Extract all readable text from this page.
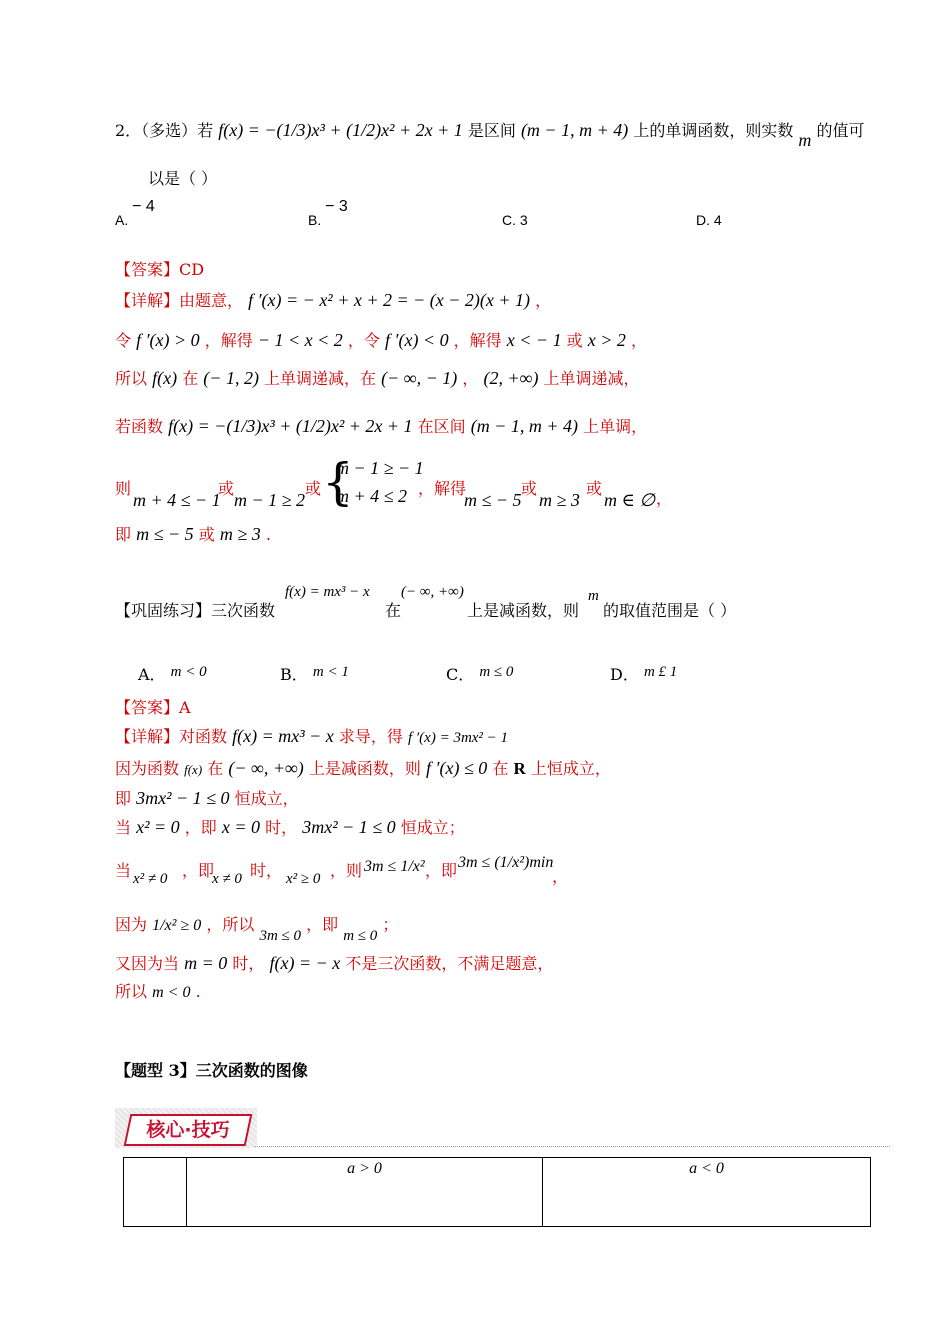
2．（多选）若 f(x) = −(1/3)x³ + (1/2)x² + 2x + 1 是区间 (m − 1, m + 4) 上的单调函数，则实数 m 的值可
以是（ ）
A. − 4
B. − 3
C. 3	D. 4
【答案】CD
【详解】由题意， f ′(x) = − x² + x + 2 = − (x − 2)(x + 1) ，
令 f ′(x) > 0 ，解得 − 1 < x < 2 ，令 f ′(x) < 0 ，解得 x < − 1 或 x > 2 ，
所以 f(x) 在 (− 1, 2) 上单调递减，在 (− ∞, − 1) ， (2, +∞) 上单调递减，
若函数 f(x) = −(1/3)x³ + (1/2)x² + 2x + 1 在区间 (m − 1, m + 4) 上单调，
则
m + 4 ≤ − 1
或
m − 1 ≥ 2
或 {
m − 1 ≥ − 1
m + 4 ≤ 2 ，解得
m ≤ − 5
或
m ≥ 3
或
m ∈ ∅ ，
即 m ≤ − 5 或 m ≥ 3 .
【巩固练习】三次函数
f(x) = mx³ − x
在
(− ∞, +∞)
上是减函数，则
m
的取值范围是（ ）
A． m < 0	B． m < 1	C． m ≤ 0	D． m £ 1
【答案】A
【详解】对函数 f(x) = mx³ − x 求导，得 f ′(x) = 3mx² − 1
因为函数 f(x) 在 (− ∞, +∞) 上是减函数，则 f ′(x) ≤ 0 在 R 上恒成立，
即 3mx² − 1 ≤ 0 恒成立，
当 x² = 0 ，即 x = 0 时， 3mx² − 1 ≤ 0 恒成立；
当 x² ≠ 0 ，即
x ≠ 0 时， x² ≥ 0 ，则 3m ≤ 1/x² ，即 3m ≤ (1/x²)min
，
因为 1/x² ≥ 0 ，所以 3m ≤ 0 ，即 m ≤ 0 ；
又因为当 m = 0 时， f(x) = − x 不是三次函数，不满足题意，
所以 m < 0 .
【题型 3】三次函数的图像
核心·技巧
	a > 0	a < 0
